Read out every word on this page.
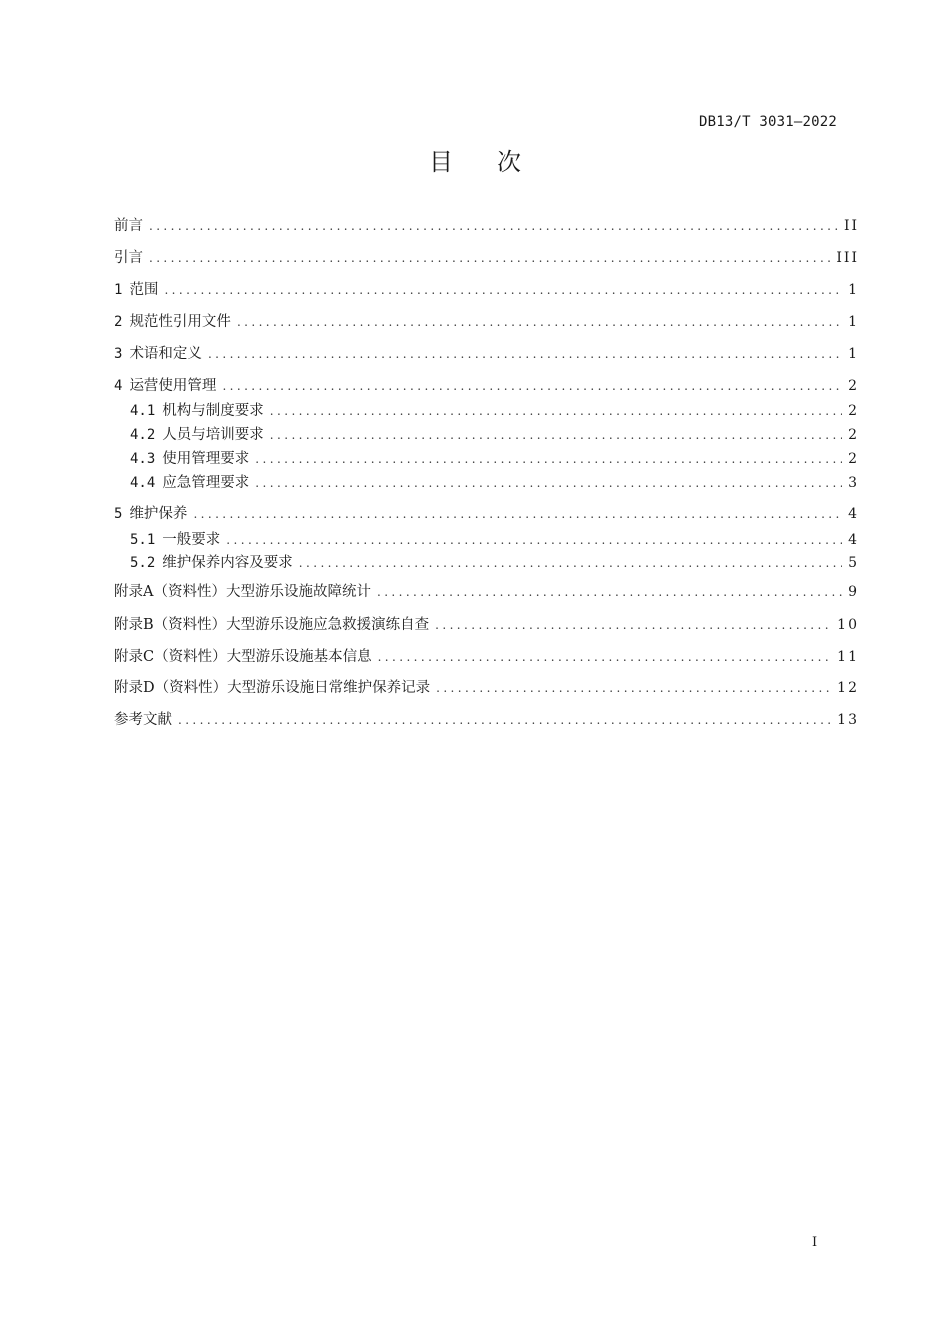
DB13/T 3031—2022
目 次
前言 .....	II
引言 .....	III
1 范围 .....	1
2 规范性引用文件 .....	1
3 术语和定义 .....	1
4 运营使用管理 .....	2
4.1 机构与制度要求 .....	2
4.2 人员与培训要求 .....	2
4.3 使用管理要求 .....	2
4.4 应急管理要求 .....	3
5 维护保养 .....	4
5.1 一般要求 .....	4
5.2 维护保养内容及要求 .....	5
附录A（资料性）大型游乐设施故障统计 .....	9
附录B（资料性）大型游乐设施应急救援演练自查 .....	10
附录C（资料性）大型游乐设施基本信息 .....	11
附录D（资料性）大型游乐设施日常维护保养记录 .....	12
参考文献 .....	13
I
